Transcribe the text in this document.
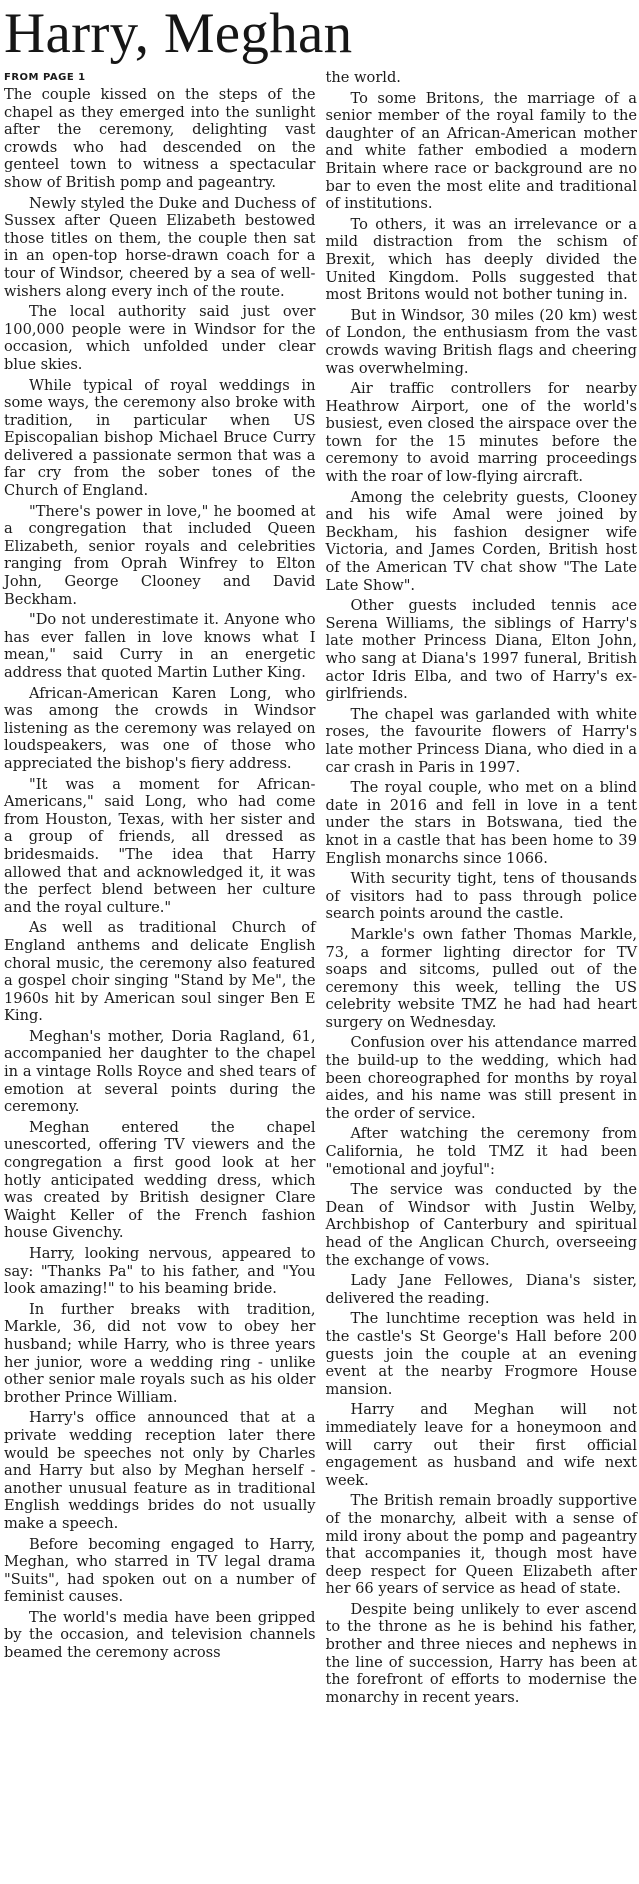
Harry, Meghan
FROM PAGE 1

The couple kissed on the steps of the chapel as they emerged into the sunlight after the ceremony, delighting vast crowds who had descended on the genteel town to witness a spectacular show of British pomp and pageantry.

Newly styled the Duke and Duchess of Sussex after Queen Elizabeth bestowed those titles on them, the couple then sat in an open-top horse-drawn coach for a tour of Windsor, cheered by a sea of well-wishers along every inch of the route.

The local authority said just over 100,000 people were in Windsor for the occasion, which unfolded under clear blue skies.

While typical of royal weddings in some ways, the ceremony also broke with tradition, in particular when US Episcopalian bishop Michael Bruce Curry delivered a passionate sermon that was a far cry from the sober tones of the Church of England.

"There's power in love," he boomed at a congregation that included Queen Elizabeth, senior royals and celebrities ranging from Oprah Winfrey to Elton John, George Clooney and David Beckham.

"Do not underestimate it. Anyone who has ever fallen in love knows what I mean," said Curry in an energetic address that quoted Martin Luther King.

African-American Karen Long, who was among the crowds in Windsor listening as the ceremony was relayed on loudspeakers, was one of those who appreciated the bishop's fiery address.

"It was a moment for African-Americans," said Long, who had come from Houston, Texas, with her sister and a group of friends, all dressed as bridesmaids. "The idea that Harry allowed that and acknowledged it, it was the perfect blend between her culture and the royal culture."

As well as traditional Church of England anthems and delicate English choral music, the ceremony also featured a gospel choir singing "Stand by Me", the 1960s hit by American soul singer Ben E King.

Meghan's mother, Doria Ragland, 61, accompanied her daughter to the chapel in a vintage Rolls Royce and shed tears of emotion at several points during the ceremony.

Meghan entered the chapel unescorted, offering TV viewers and the congregation a first good look at her hotly anticipated wedding dress, which was created by British designer Clare Waight Keller of the French fashion house Givenchy.

Harry, looking nervous, appeared to say: "Thanks Pa" to his father, and "You look amazing!" to his beaming bride.

In further breaks with tradition, Markle, 36, did not vow to obey her husband; while Harry, who is three years her junior, wore a wedding ring - unlike other senior male royals such as his older brother Prince William.

Harry's office announced that at a private wedding reception later there would be speeches not only by Charles and Harry but also by Meghan herself - another unusual feature as in traditional English weddings brides do not usually make a speech.

Before becoming engaged to Harry, Meghan, who starred in TV legal drama "Suits", had spoken out on a number of feminist causes.

The world's media have been gripped by the occasion, and television channels beamed the ceremony across

the world.

To some Britons, the marriage of a senior member of the royal family to the daughter of an African-American mother and white father embodied a modern Britain where race or background are no bar to even the most elite and traditional of institutions.

To others, it was an irrelevance or a mild distraction from the schism of Brexit, which has deeply divided the United Kingdom. Polls suggested that most Britons would not bother tuning in.

But in Windsor, 30 miles (20 km) west of London, the enthusiasm from the vast crowds waving British flags and cheering was overwhelming.

Air traffic controllers for nearby Heathrow Airport, one of the world's busiest, even closed the airspace over the town for the 15 minutes before the ceremony to avoid marring proceedings with the roar of low-flying aircraft.

Among the celebrity guests, Clooney and his wife Amal were joined by Beckham, his fashion designer wife Victoria, and James Corden, British host of the American TV chat show "The Late Late Show".

Other guests included tennis ace Serena Williams, the siblings of Harry's late mother Princess Diana, Elton John, who sang at Diana's 1997 funeral, British actor Idris Elba, and two of Harry's ex-girlfriends.

The chapel was garlanded with white roses, the favourite flowers of Harry's late mother Princess Diana, who died in a car crash in Paris in 1997.

The royal couple, who met on a blind date in 2016 and fell in love in a tent under the stars in Botswana, tied the knot in a castle that has been home to 39 English monarchs since 1066.

With security tight, tens of thousands of visitors had to pass through police search points around the castle.

Markle's own father Thomas Markle, 73, a former lighting director for TV soaps and sitcoms, pulled out of the ceremony this week, telling the US celebrity website TMZ he had had heart surgery on Wednesday.

Confusion over his attendance marred the build-up to the wedding, which had been choreographed for months by royal aides, and his name was still present in the order of service.

After watching the ceremony from California, he told TMZ it had been "emotional and joyful":

The service was conducted by the Dean of Windsor with Justin Welby, Archbishop of Canterbury and spiritual head of the Anglican Church, overseeing the exchange of vows.

Lady Jane Fellowes, Diana's sister, delivered the reading.

The lunchtime reception was held in the castle's St George's Hall before 200 guests join the couple at an evening event at the nearby Frogmore House mansion.

Harry and Meghan will not immediately leave for a honeymoon and will carry out their first official engagement as husband and wife next week.

The British remain broadly supportive of the monarchy, albeit with a sense of mild irony about the pomp and pageantry that accompanies it, though most have deep respect for Queen Elizabeth after her 66 years of service as head of state.

Despite being unlikely to ever ascend to the throne as he is behind his father, brother and three nieces and nephews in the line of succession, Harry has been at the forefront of efforts to modernise the monarchy in recent years.
